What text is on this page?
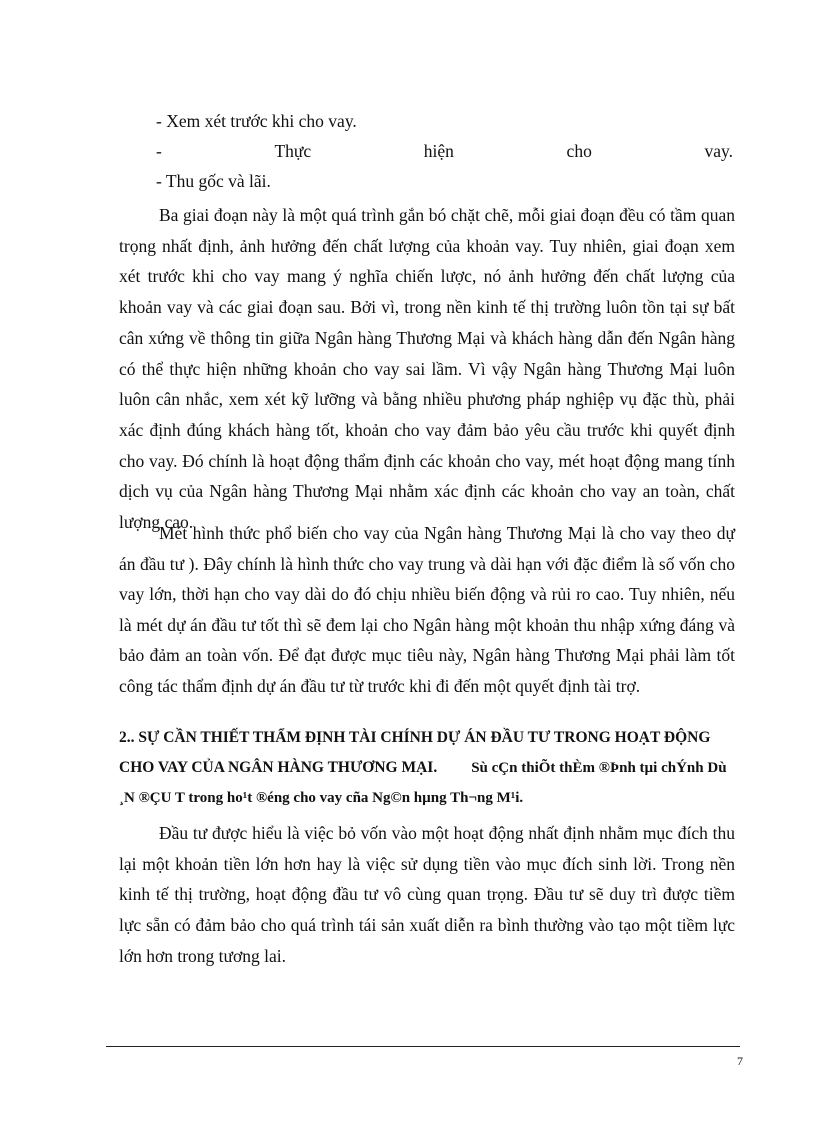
- Xem xét trước khi cho vay.
-	Thực	hiện	cho	vay.
- Thu gốc và lãi.

Ba giai đoạn này là một quá trình gắn bó chặt chẽ, mỗi giai đoạn đều có tầm quan trọng nhất định, ảnh hưởng đến chất lượng của khoản vay. Tuy nhiên, giai đoạn xem xét trước khi cho vay mang ý nghĩa chiến lược, nó ảnh hưởng đến chất lượng của khoản vay và các giai đoạn sau. Bởi vì, trong nền kinh tế thị trường luôn tồn tại sự bất cân xứng về thông tin giữa Ngân hàng Thương Mại và khách hàng dẫn đến Ngân hàng có thể thực hiện những khoản cho vay sai lầm. Vì vậy Ngân hàng Thương Mại luôn luôn cân nhắc, xem xét kỹ lưỡng và bằng nhiều phương pháp nghiệp vụ đặc thù, phải xác định đúng khách hàng tốt, khoản cho vay đảm bảo yêu cầu trước khi quyết định cho vay. Đó chính là hoạt động thẩm định các khoản cho vay, mét hoạt động mang tính dịch vụ của Ngân hàng Thương Mại nhằm xác định các khoản cho vay an toàn, chất lượng cao.

Mét hình thức phổ biến cho vay của Ngân hàng Thương Mại là cho vay theo dự án đầu tư ). Đây chính là hình thức cho vay trung và dài hạn với đặc điểm là số vốn cho vay lớn, thời hạn cho vay dài do đó chịu nhiều biến động và rủi ro cao. Tuy nhiên, nếu là mét dự án đầu tư tốt thì sẽ đem lại cho Ngân hàng một khoản thu nhập xứng đáng và bảo đảm an toàn vốn. Để đạt được mục tiêu này, Ngân hàng Thương Mại phải làm tốt công tác thẩm định dự án đầu tư từ trước khi đi đến một quyết định tài trợ.

2.. SỰ CẦN THIẾT THẨM ĐỊNH TÀI CHÍNH DỰ ÁN ĐẦU TƯ TRONG HOẠT ĐỘNG CHO VAY CỦA NGÂN HÀNG THƯƠNG MẠI. Sù cÇn thiÕt thÈm ®Þnh tµi chÝnh Dù ¸N ®ÇU T trong ho¹t ®éng cho vay cña Ng©n hµng Th¬ng M¹i.

Đầu tư được hiểu là việc bỏ vốn vào một hoạt động nhất định nhằm mục đích thu lại một khoản tiền lớn hơn hay là việc sử dụng tiền vào mục đích sinh lời. Trong nền kinh tế thị trường, hoạt động đầu tư vô cùng quan trọng. Đầu tư sẽ duy trì được tiềm lực sẵn có đảm bảo cho quá trình tái sản xuất diễn ra bình thường vào tạo một tiềm lực lớn hơn trong tương lai.

7
